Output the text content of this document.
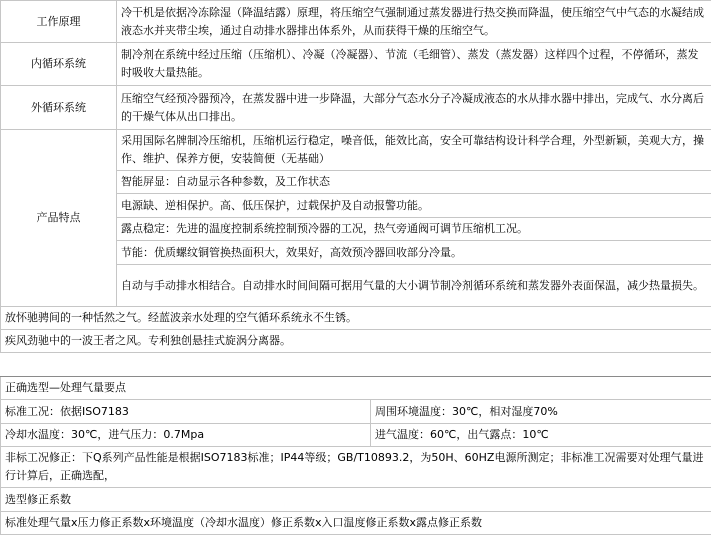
工作原理	冷干机是依据冷冻除湿（降温结露）原理，将压缩空气强制通过蒸发器进行热交换而降温，使压缩空气中气态的水凝结成液态水并夹带尘埃，通过自动排水器排出体系外，从而获得干燥的压缩空气。
内循环系统	制冷剂在系统中经过压缩（压缩机）、冷凝（冷凝器）、节流（毛细管）、蒸发（蒸发器）这样四个过程，不停循环，蒸发时吸收大量热能。
外循环系统	压缩空气经预冷器预冷，在蒸发器中进一步降温，大部分气态水分子冷凝成液态的水从排水器中排出，完成气、水分离后的干燥气体从出口排出。
产品特点	采用国际名牌制冷压缩机，压缩机运行稳定，噪音低，能效比高，安全可靠结构设计科学合理，外型新颖，美观大方，操作、维护、保养方便，安装简便（无基础）
	智能屏显：自动显示各种参数，及工作状态
	电源缺、逆相保护。高、低压保护，过载保护及自动报警功能。
	露点稳定：先进的温度控制系统控制预冷器的工况，热气旁通阀可调节压缩机工况。
	节能：优质螺纹铜管换热面积大，效果好，高效预冷器回收部分冷量。
	自动与手动排水相结合。自动排水时间间隔可据用气量的大小调节制冷剂循环系统和蒸发器外表面保温，减少热量损失。
放怀驰骋间的一种恬然之气。经蓝波亲水处理的空气循环系统永不生锈。	
疾风劲驰中的一波王者之风。专利独创悬挂式旋涡分离器。	
正确选型—处理气量要点	
标准工况：依据ISO7183	周围环境温度：30℃，相对湿度70%
冷却水温度：30℃，进气压力：0.7Mpa	进气温度：60℃，出气露点：10℃
非标工况修正：下Q系列产品性能是根据ISO7183标准；IP44等级；GB/T10893.2，为50H、60HZ电源所测定；非标准工况需要对处理气量进行计算后，正确选配，	
选型修正系数	
标准处理气量x压力修正系数x环境温度（冷却水温度）修正系数x入口温度修正系数x露点修正系数	
